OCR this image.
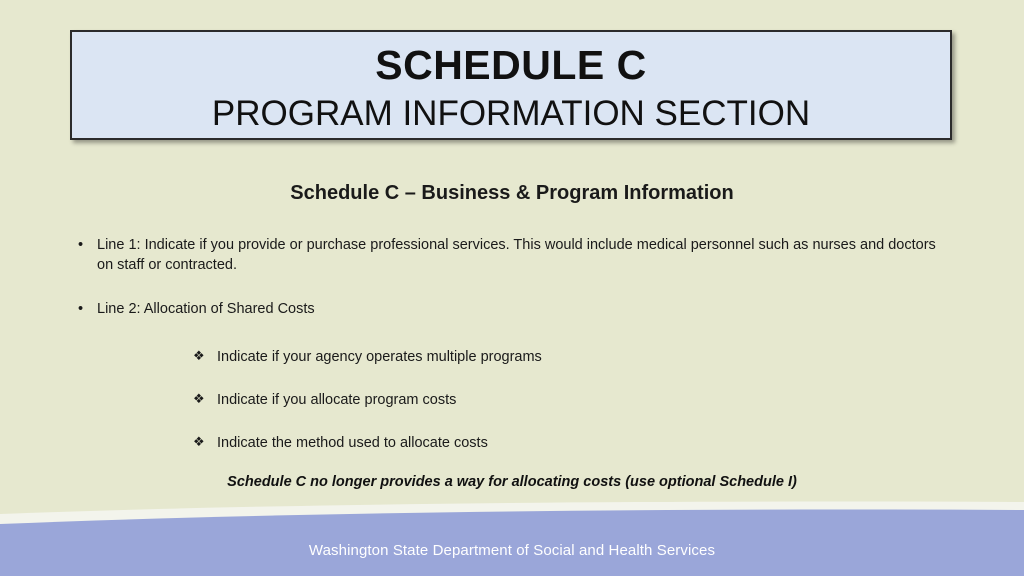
SCHEDULE C
PROGRAM INFORMATION SECTION
Schedule C – Business & Program Information
• Line 1: Indicate if you provide or purchase professional services. This would include medical personnel such as nurses and doctors on staff or contracted.
• Line 2: Allocation of Shared Costs
❖ Indicate if your agency operates multiple programs
❖ Indicate if you allocate program costs
❖ Indicate the method used to allocate costs
Schedule C no longer provides a way for allocating costs (use optional Schedule I)
Washington State Department of Social and Health Services
